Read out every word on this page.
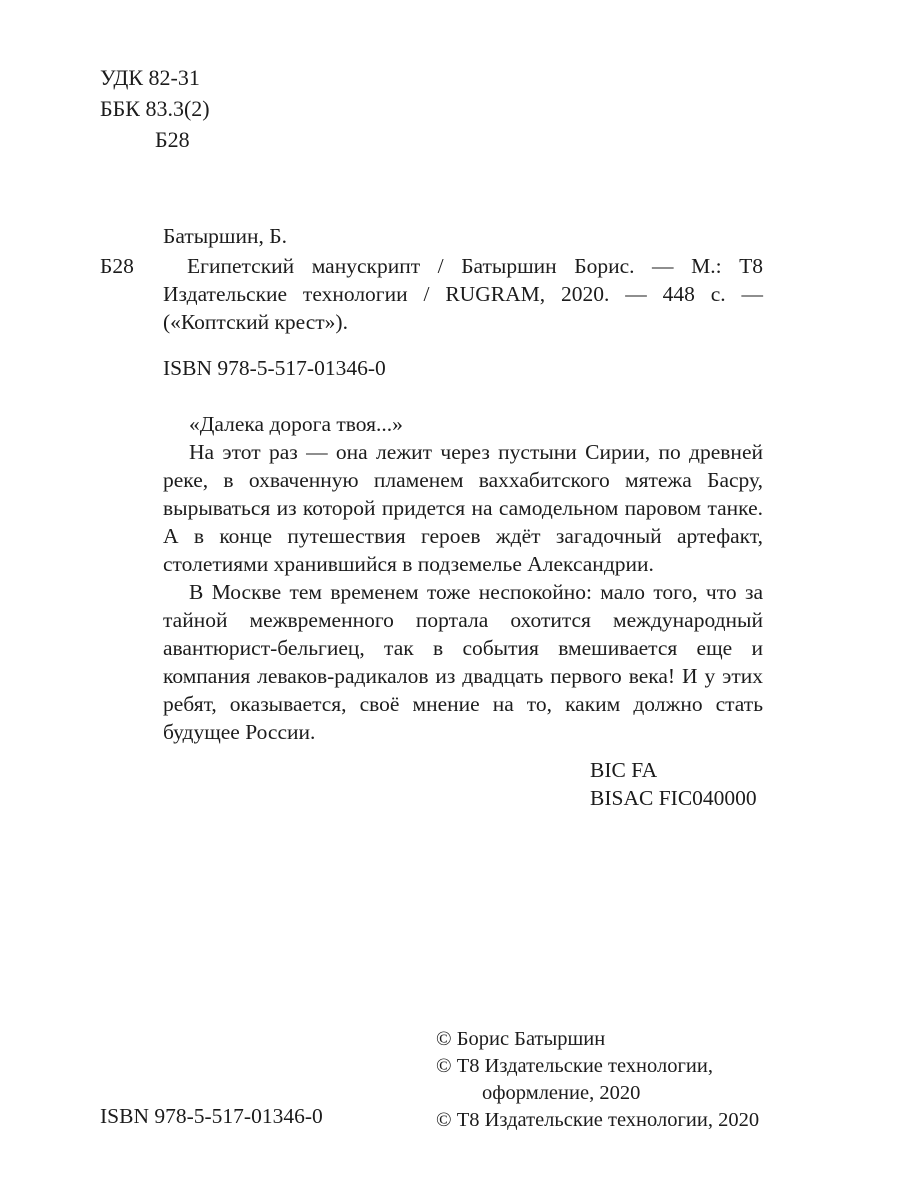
УДК 82-31
ББК 83.3(2)
Б28
Батыршин, Б.
Б28	Египетский манускрипт / Батыршин Борис. — М.: Т8 Издательские технологии / RUGRAM, 2020. — 448 с. — («Коптский крест»).
ISBN 978-5-517-01346-0

«Далека дорога твоя...»

На этот раз — она лежит через пустыни Сирии, по древней реке, в охваченную пламенем ваххабитского мятежа Басру, вырываться из которой придется на самодельном паровом танке. А в конце путешествия героев ждёт загадочный артефакт, столетиями хранившийся в подземелье Александрии.

В Москве тем временем тоже неспокойно: мало того, что за тайной межвременного портала охотится международный авантюрист-бельгиец, так в события вмешивается еще и компания леваков-радикалов из двадцать первого века! И у этих ребят, оказывается, своё мнение на то, каким должно стать будущее России.

BIC FA
BISAC FIC040000
© Борис Батыршин
© Т8 Издательские технологии,
оформление, 2020
© Т8 Издательские технологии, 2020
ISBN 978-5-517-01346-0
